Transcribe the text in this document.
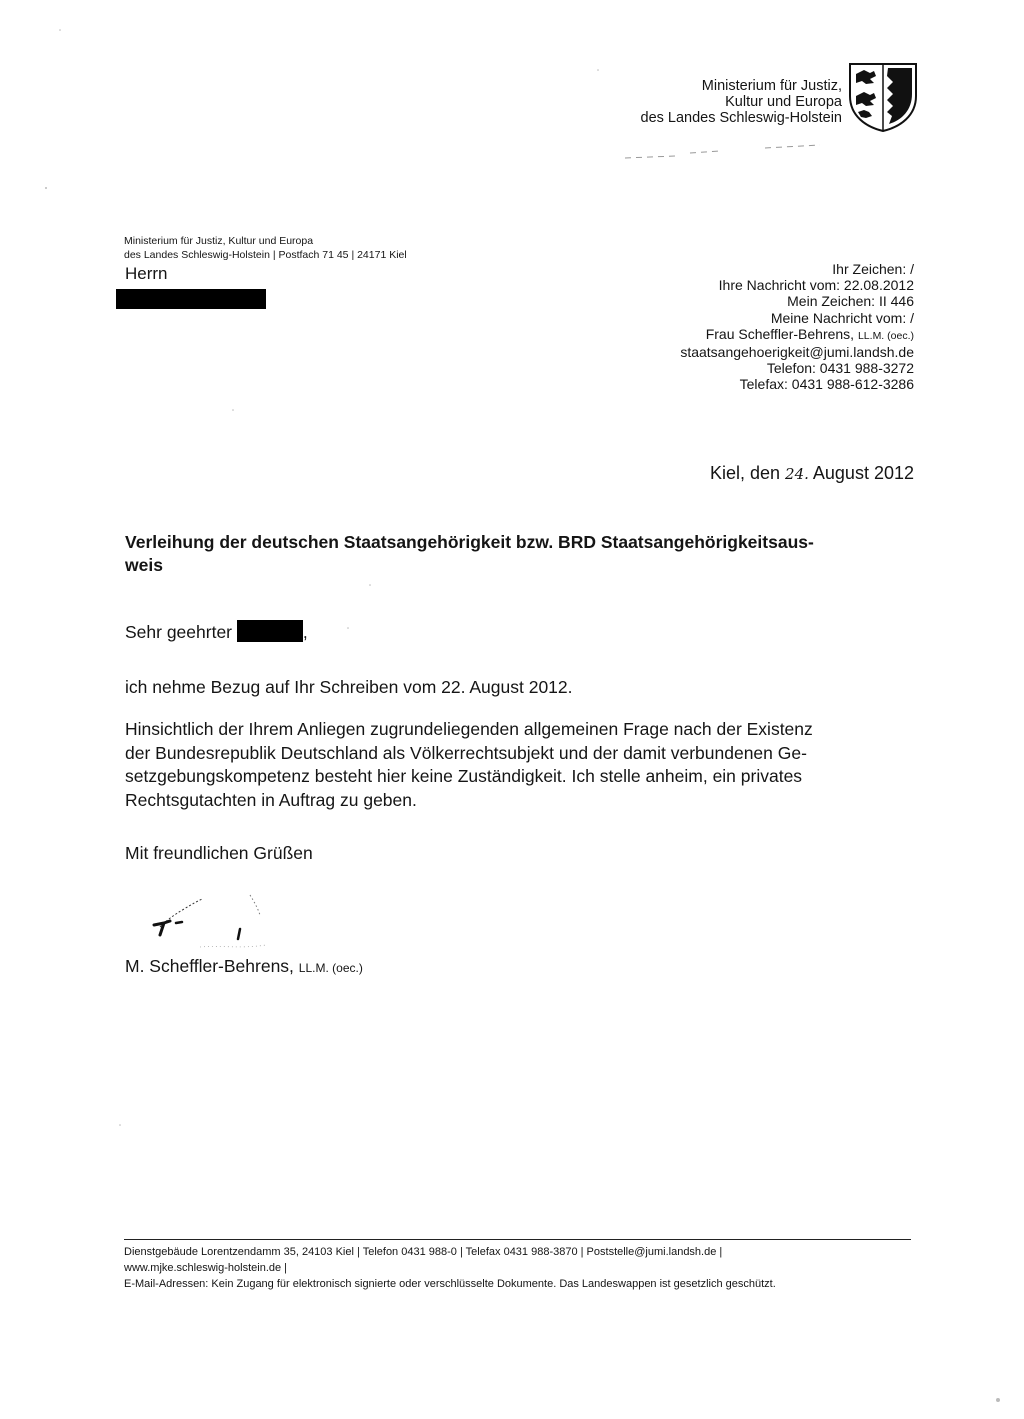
Ministerium für Justiz,
Kultur und Europa
des Landes Schleswig-Holstein
Ministerium für Justiz, Kultur und Europa
des Landes Schleswig-Holstein | Postfach 71 45 | 24171 Kiel
Herrn	Ihr Zeichen: /
Ihre Nachricht vom: 22.08.2012
Mein Zeichen: II 446
Meine Nachricht vom: /
Frau Scheffler-Behrens, LL.M. (oec.)
staatsangehoerigkeit@jumi.landsh.de
Telefon: 0431 988-3272
Telefax: 0431 988-612-3286
Kiel, den 24. August 2012
Verleihung der deutschen Staatsangehörigkeit bzw. BRD Staatsangehörigkeitsaus-
weis
Sehr geehrter	,
ich nehme Bezug auf Ihr Schreiben vom 22. August 2012.
Hinsichtlich der Ihrem Anliegen zugrundeliegenden allgemeinen Frage nach der Existenz
der Bundesrepublik Deutschland als Völkerrechtsubjekt und der damit verbundenen Ge-
setzgebungskompetenz besteht hier keine Zuständigkeit. Ich stelle anheim, ein privates
Rechtsgutachten in Auftrag zu geben.
Mit freundlichen Grüßen
M. Scheffler-Behrens, LL.M. (oec.)
Dienstgebäude Lorentzendamm 35, 24103 Kiel | Telefon 0431 988-0 | Telefax 0431 988-3870 | Poststelle@jumi.landsh.de |
www.mjke.schleswig-holstein.de |
E-Mail-Adressen: Kein Zugang für elektronisch signierte oder verschlüsselte Dokumente. Das Landeswappen ist gesetzlich geschützt.
